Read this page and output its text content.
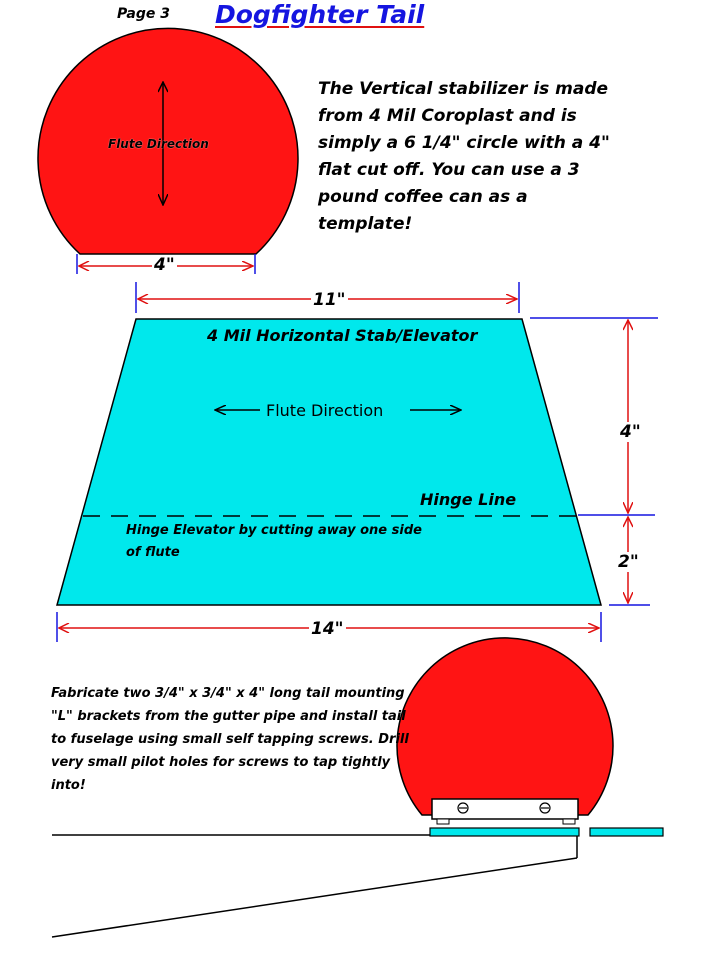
Page 3 Dogfighter Tail

The Vertical stabilizer is made from 4 Mil Coroplast and is simply a 6 1/4" circle with a 4" flat cut off. You can use a 3 pound coffee can as a template!

Flute Direction

4"

11"

4 Mil Horizontal Stab/Elevator

Flute Direction

Hinge Line

Hinge Elevator by cutting away one side of flute

4"

2"

14"

Fabricate two 3/4" x 3/4" x 4" long tail mounting "L" brackets from the gutter pipe and install tail to fuselage using small self tapping screws. Drill very small pilot holes for screws to tap tightly into!
